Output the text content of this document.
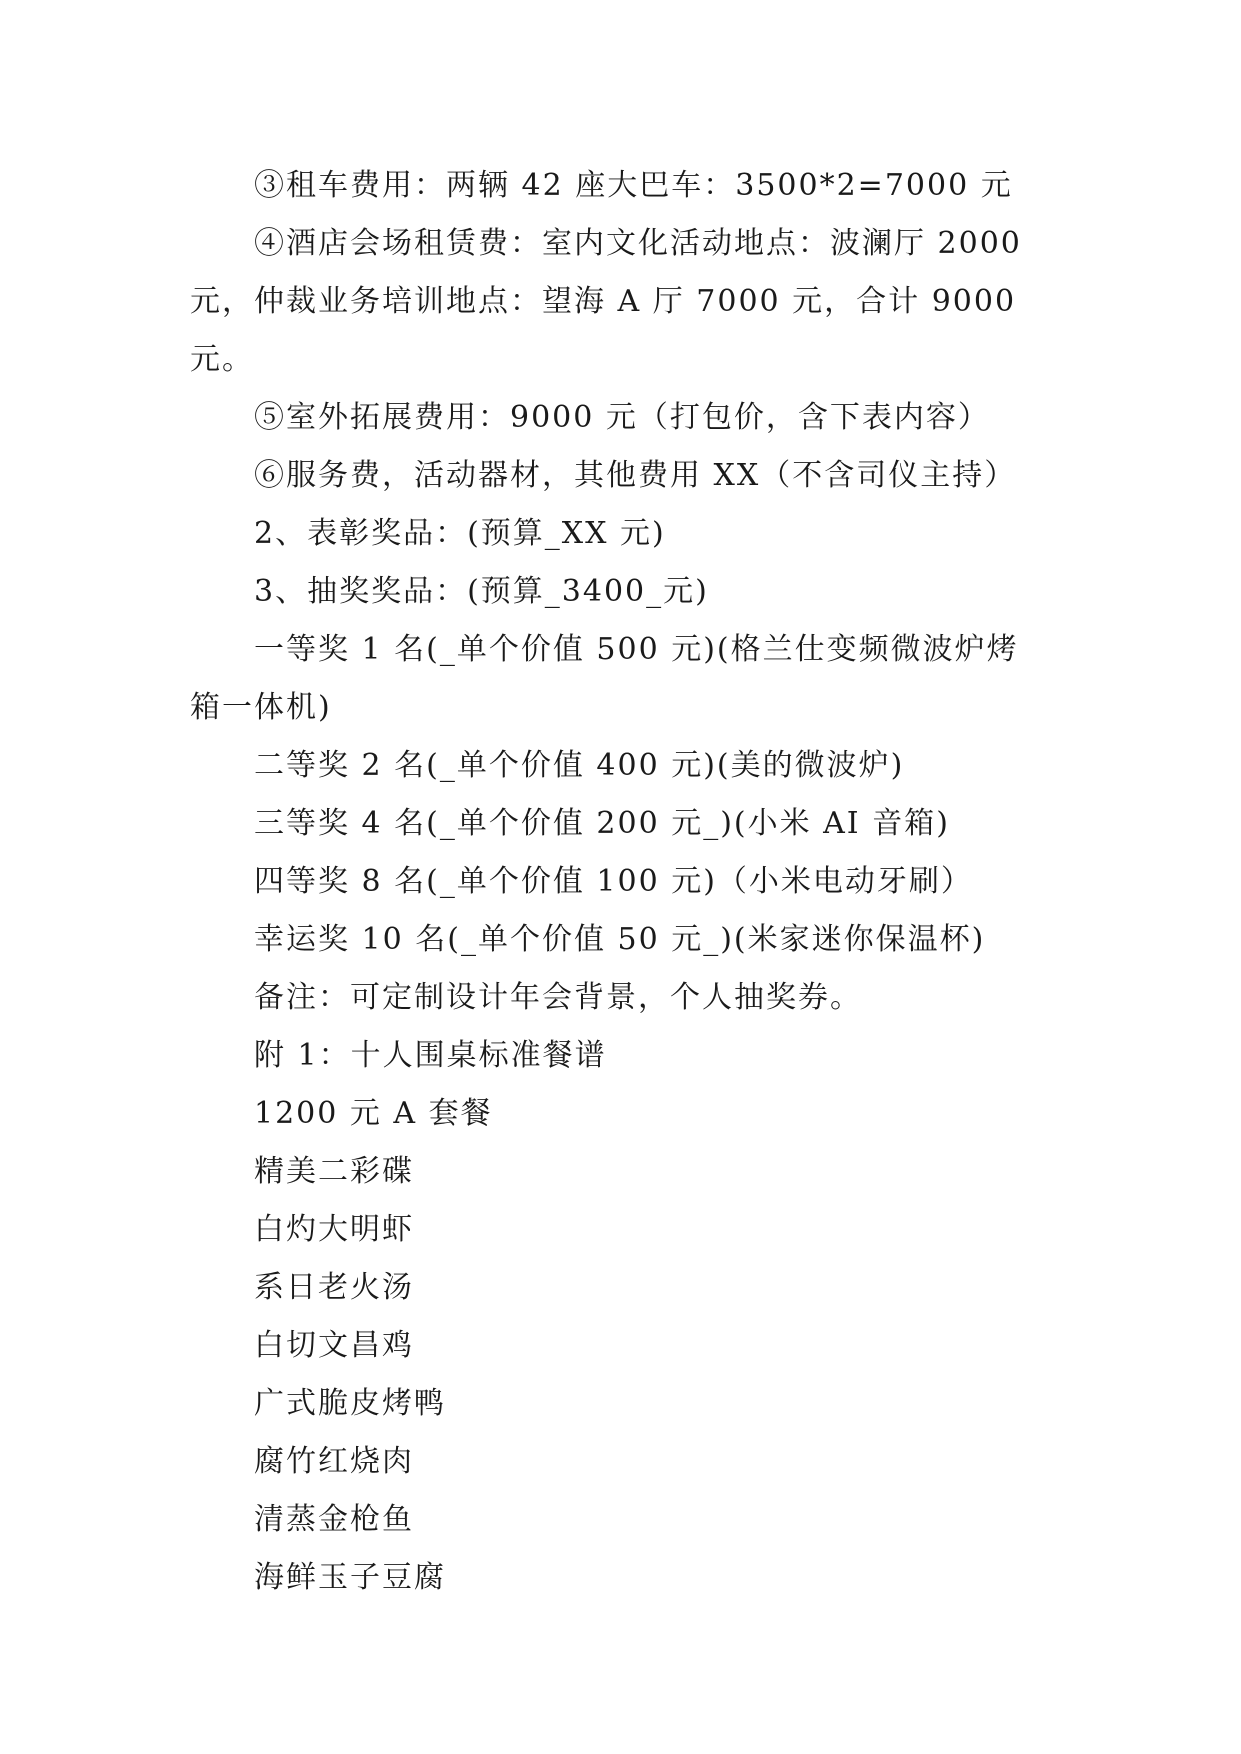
③租车费用：两辆 42 座大巴车：3500*2=7000 元

④酒店会场租赁费：室内文化活动地点：波澜厅 2000 元，仲裁业务培训地点：望海 A 厅 7000 元，合计 9000 元。

⑤室外拓展费用：9000 元（打包价，含下表内容）

⑥服务费，活动器材，其他费用 XX（不含司仪主持）

2、表彰奖品：(预算_XX 元)

3、抽奖奖品：(预算_3400_元)

一等奖 1 名(_单个价值 500 元)(格兰仕变频微波炉烤箱一体机)

二等奖 2 名(_单个价值 400 元)(美的微波炉)

三等奖 4 名(_单个价值 200 元_)(小米 AI 音箱)

四等奖 8 名(_单个价值 100 元)（小米电动牙刷）

幸运奖 10 名(_单个价值 50 元_)(米家迷你保温杯)

备注：可定制设计年会背景，个人抽奖券。

附 1：十人围桌标准餐谱

1200 元 A 套餐

精美二彩碟

白灼大明虾

系日老火汤

白切文昌鸡

广式脆皮烤鸭

腐竹红烧肉

清蒸金枪鱼

海鲜玉子豆腐
